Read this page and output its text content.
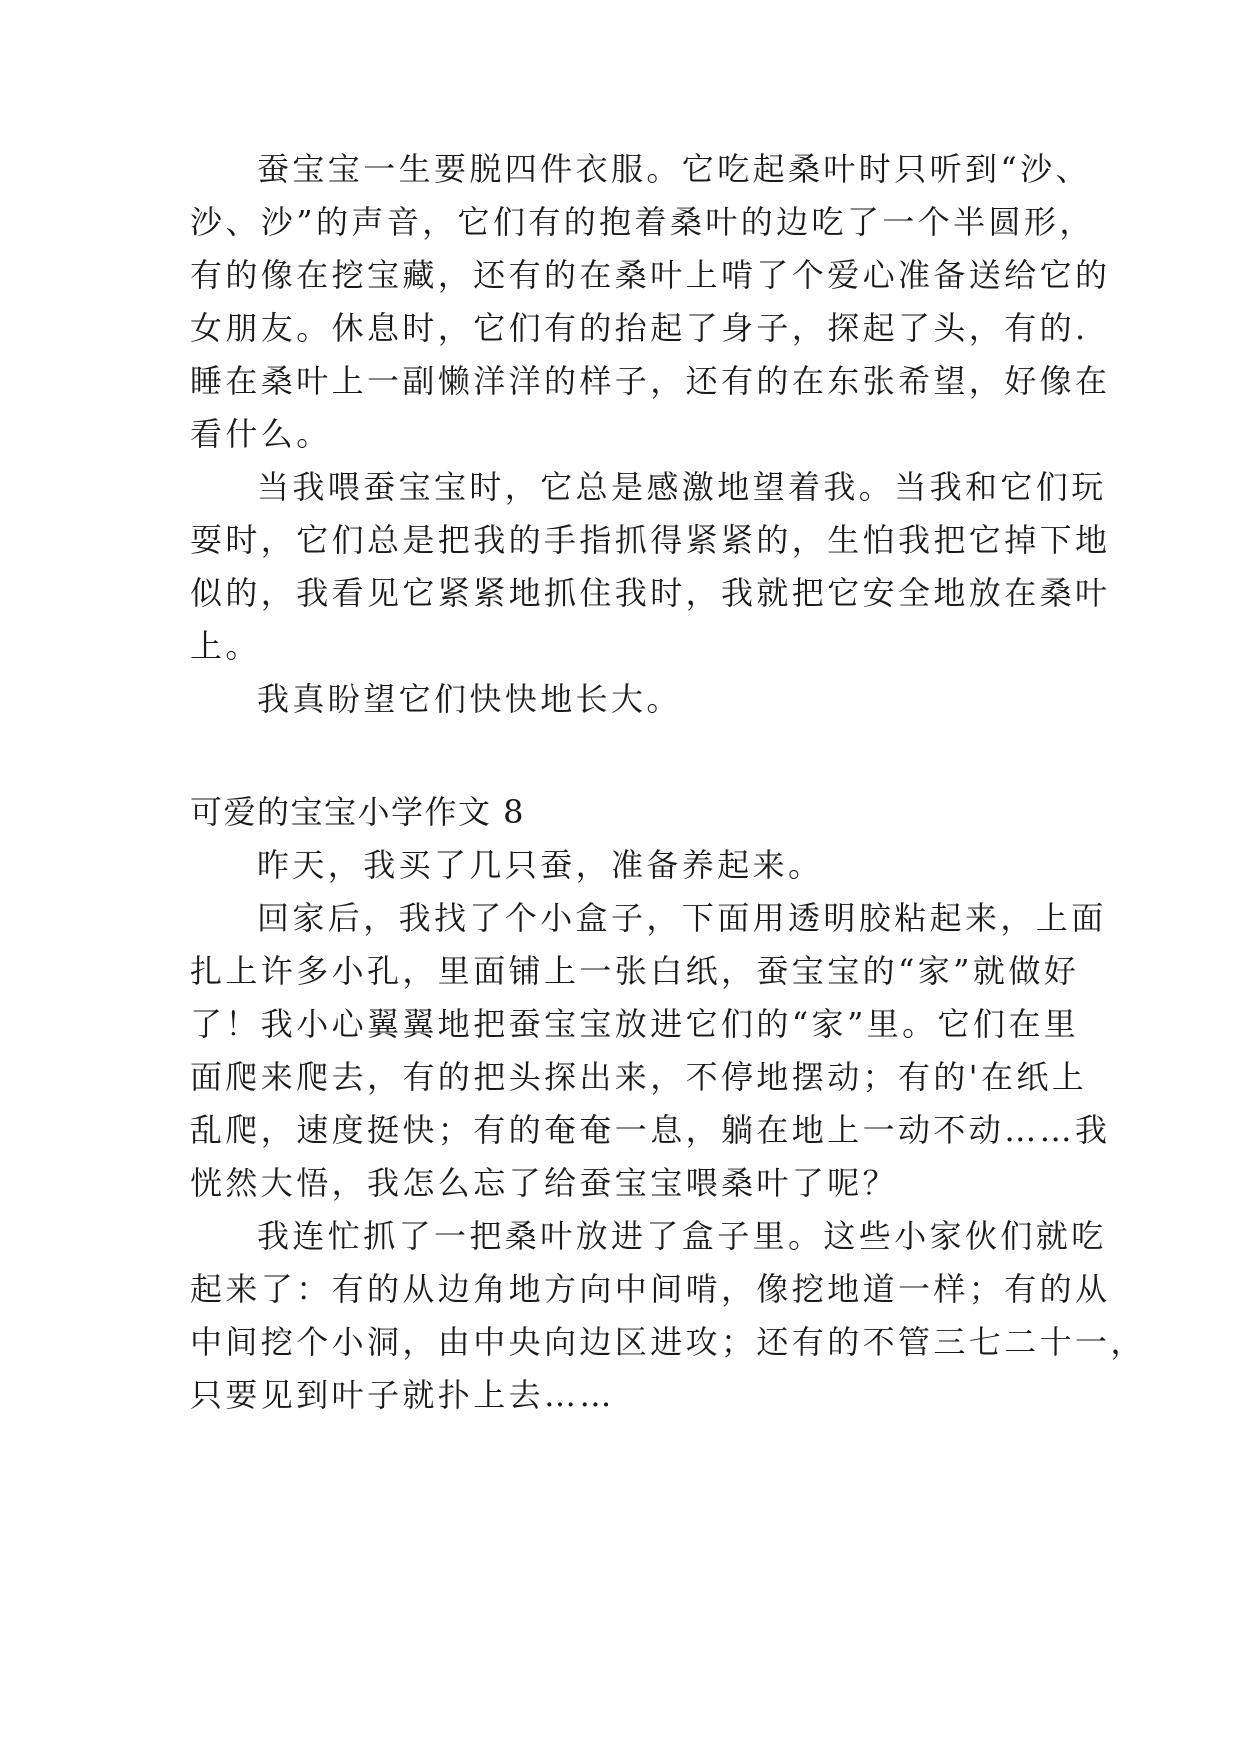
蚕宝宝一生要脱四件衣服。它吃起桑叶时只听到“沙、
沙、沙”的声音，它们有的抱着桑叶的边吃了一个半圆形，
有的像在挖宝藏，还有的在桑叶上啃了个爱心准备送给它的
女朋友。休息时，它们有的抬起了身子，探起了头，有的.
睡在桑叶上一副懒洋洋的样子，还有的在东张希望，好像在
看什么。
当我喂蚕宝宝时，它总是感激地望着我。当我和它们玩
耍时，它们总是把我的手指抓得紧紧的，生怕我把它掉下地
似的，我看见它紧紧地抓住我时，我就把它安全地放在桑叶
上。
我真盼望它们快快地长大。
可爱的宝宝小学作文 8
昨天，我买了几只蚕，准备养起来。
回家后，我找了个小盒子，下面用透明胶粘起来，上面
扎上许多小孔，里面铺上一张白纸，蚕宝宝的“家”就做好
了！我小心翼翼地把蚕宝宝放进它们的“家”里。它们在里
面爬来爬去，有的把头探出来，不停地摆动；有的'在纸上
乱爬，速度挺快；有的奄奄一息，躺在地上一动不动……我
恍然大悟，我怎么忘了给蚕宝宝喂桑叶了呢？
我连忙抓了一把桑叶放进了盒子里。这些小家伙们就吃
起来了：有的从边角地方向中间啃，像挖地道一样；有的从
中间挖个小洞，由中央向边区进攻；还有的不管三七二十一，
只要见到叶子就扑上去……
